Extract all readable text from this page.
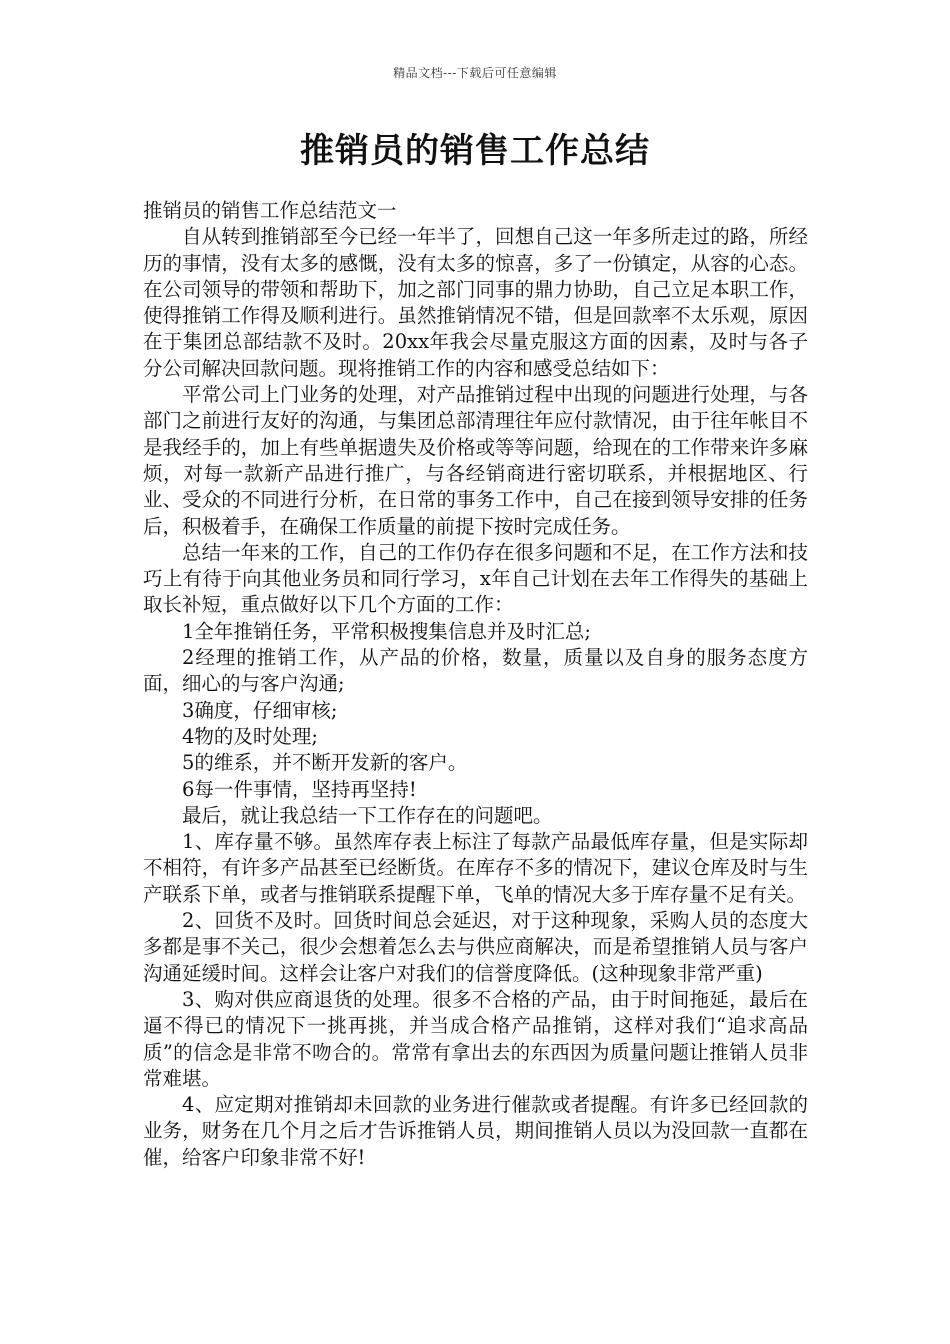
精品文档---下载后可任意编辑
推销员的销售工作总结

推销员的销售工作总结范文一

自从转到推销部至今已经一年半了，回想自己这一年多所走过的路，所经历的事情，没有太多的感慨，没有太多的惊喜，多了一份镇定，从容的心态。在公司领导的带领和帮助下，加之部门同事的鼎力协助，自己立足本职工作，使得推销工作得及顺利进行。虽然推销情况不错，但是回款率不太乐观，原因在于集团总部结款不及时。20xx年我会尽量克服这方面的因素，及时与各子分公司解决回款问题。现将推销工作的内容和感受总结如下：

平常公司上门业务的处理，对产品推销过程中出现的问题进行处理，与各部门之前进行友好的沟通，与集团总部清理往年应付款情况，由于往年帐目不是我经手的，加上有些单据遗失及价格或等等问题，给现在的工作带来许多麻烦，对每一款新产品进行推广，与各经销商进行密切联系，并根据地区、行业、受众的不同进行分析，在日常的事务工作中，自己在接到领导安排的任务后，积极着手，在确保工作质量的前提下按时完成任务。

总结一年来的工作，自己的工作仍存在很多问题和不足，在工作方法和技巧上有待于向其他业务员和同行学习，x年自己计划在去年工作得失的基础上取长补短，重点做好以下几个方面的工作：

1全年推销任务，平常积极搜集信息并及时汇总;

2经理的推销工作，从产品的价格，数量，质量以及自身的服务态度方面，细心的与客户沟通;

3确度，仔细审核;

4物的及时处理;

5的维系，并不断开发新的客户。

6每一件事情，坚持再坚持!

最后，就让我总结一下工作存在的问题吧。

1、库存量不够。虽然库存表上标注了每款产品最低库存量，但是实际却不相符，有许多产品甚至已经断货。在库存不多的情况下，建议仓库及时与生产联系下单，或者与推销联系提醒下单，飞单的情况大多于库存量不足有关。

2、回货不及时。回货时间总会延迟，对于这种现象，采购人员的态度大多都是事不关己，很少会想着怎么去与供应商解决，而是希望推销人员与客户沟通延缓时间。这样会让客户对我们的信誉度降低。(这种现象非常严重)

3、购对供应商退货的处理。很多不合格的产品，由于时间拖延，最后在逼不得已的情况下一挑再挑，并当成合格产品推销，这样对我们“追求高品质”的信念是非常不吻合的。常常有拿出去的东西因为质量问题让推销人员非常难堪。

4、应定期对推销却未回款的业务进行催款或者提醒。有许多已经回款的业务，财务在几个月之后才告诉推销人员，期间推销人员以为没回款一直都在催，给客户印象非常不好!
